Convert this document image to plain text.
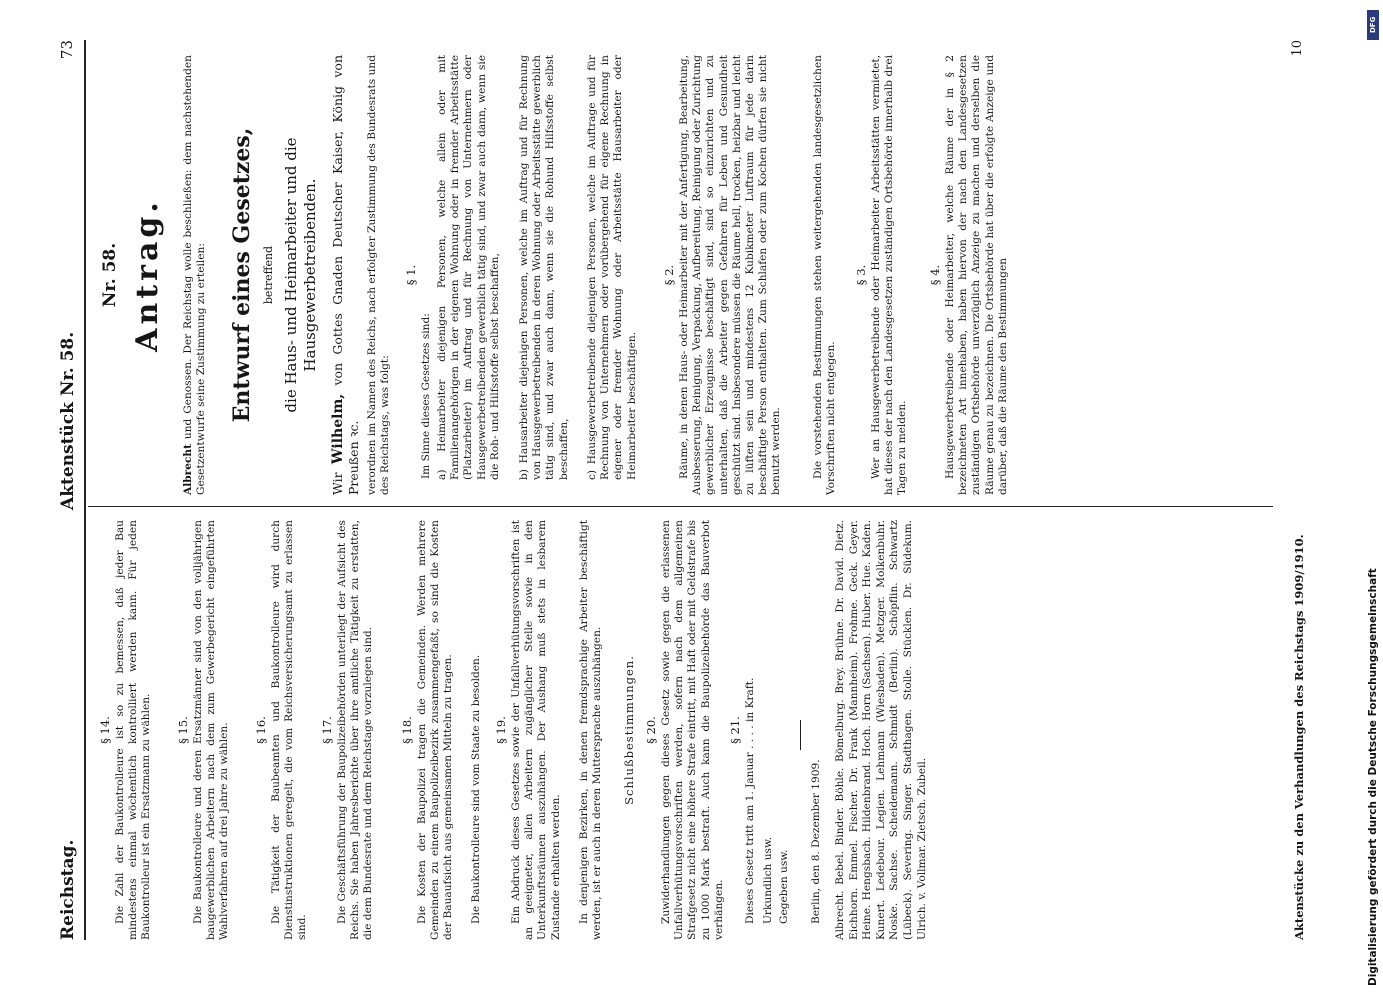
DFG
Digitalisierung gefördert durch die Deutsche Forschungsgemeinschaft
Reichstag.
Aktenstück Nr. 58.
73
§ 14. Die Zahl der Baukontrolleure ist so zu bemessen, daß jeder Bau mindestens einmal wöchentlich kontrolliert werden kann. Für jeden Baukontrolleur ist ein Ersatzmann zu wählen. § 15. Die Baukontrolleure und deren Ersatzmänner sind von den volljährigen baugewerblichen Arbeitern nach dem zum Gewerbegericht eingeführten Wahlverfahren auf drei Jahre zu wählen. § 16. Die Tätigkeit der Baubeamten und Baukontrolleure wird durch Dienstinstruktionen geregelt, die vom Reichsversicherungsamt zu erlassen sind.

§ 17. Die Geschäftsführung der Baupolizeibehörden unterliegt der Aufsicht des Reichs. Sie haben Jahresberichte über ihre amtliche Tätigkeit zu erstatten, die dem Bundesrate und dem Reichstage vorzulegen sind. § 18. Die Kosten der Baupolizei tragen die Gemeinden. Werden mehrere Gemeinden zu einem Baupolizeibezirk zusammengefaßt, so sind die Kosten der Bauaufsicht aus gemeinsamen Mitteln zu tragen. Die Baukontrolleure sind vom Staate zu besolden. § 19. Ein Abdruck dieses Gesetzes sowie der Unfallverhütungsvorschriften ist an geeigneter, allen Arbeitern zugänglicher Stelle sowie in den Unterkunftsräumen auszuhängen. Der Aushang muß stets in lesbarem Zustande erhalten werden. In denjenigen Bezirken, in denen fremdsprachige Arbeiter beschäftigt werden, ist er auch in deren Muttersprache auszuhängen. Schlußbestimmungen. § 20. Zuwiderhandlungen gegen dieses Gesetz sowie gegen die erlassenen Unfallverhütungsvorschriften werden, sofern nach dem allgemeinen Strafgesetz nicht eine höhere Strafe eintritt, mit Haft oder mit Geldstrafe bis zu 1000 Mark bestraft. Auch kann die Baupolizeibehörde das Bauverbot verhängen.

§ 21. Dieses Gesetz tritt am 1. Januar . . . . in Kraft. Urkundlich usw. Gegeben usw. Berlin, den 8. Dezember 1909. Albrecht. Bebel. Binder. Böhle. Bömelburg. Brey. Brühne. Dr. David. Dietz. Eichhorn. Emmel. Fischer. Dr. Frank (Mannheim). Frohme. Geck. Geyer. Heine. Hengsbach. Hildenbrand. Hoch. Horn (Sachsen). Huber. Hue. Kaden. Kunert. Ledebour. Legien. Lehmann (Wiesbaden). Metzger. Molkenbuhr. Noske. Sachse. Scheidemann. Schmidt (Berlin). Schöpflin. Schwartz (Lübeck). Severing. Singer. Stadthagen. Stolle. Stücklen. Dr. Südekum. Ulrich. v. Vollmar. Zietsch. Zubeil.

Nr. 58. Antrag.

Albrecht und Genossen. Der Reichstag wolle beschließen: dem nachstehenden Gesetzentwurfe seine Zustimmung zu erteilen: Entwurf eines Gesetzes, betreffend die Haus- und Heimarbeiter und die Hausgewerbetreibenden.

Wir Wilhelm, von Gottes Gnaden Deutscher Kaiser, König von Preußen ꝛc. verordnen im Namen des Reichs, nach erfolgter Zustimmung des Bundesrats und des Reichstags, was folgt:

§ 1.

Im Sinne dieses Gesetzes sind: a) Heimarbeiter diejenigen Personen, welche allein oder mit Familienangehörigen in der eigenen Wohnung oder in fremder Arbeitsstätte (Platzarbeiter) im Auftrag und für Rechnung von Unternehmern oder Hausgewerbetreibenden gewerblich tätig sind, und zwar auch dann, wenn sie die Roh- und Hilfsstoffe selbst beschaffen, b) Hausarbeiter diejenigen Personen, welche im Auftrag und für Rechnung von Hausgewerbetreibenden in deren Wohnung oder Arbeitsstätte gewerblich tätig sind, und zwar auch dann, wenn sie die Rohund Hilfsstoffe selbst beschaffen, c) Hausgewerbetreibende diejenigen Personen, welche im Auftrage und für Rechnung von Unternehmern oder vorübergehend für eigene Rechnung in eigener oder fremder Wohnung oder Arbeitsstätte Hausarbeiter oder Heimarbeiter beschäftigen.

§ 2. Räume, in denen Haus- oder Heimarbeiter mit der Anfertigung, Bearbeitung, Ausbesserung, Reinigung, Verpackung, Aufbereitung, Reinigung oder Zurichtung gewerblicher Erzeugnisse beschäftigt sind, sind so einzurichten und zu unterhalten, daß die Arbeiter gegen Gefahren für Leben und Gesundheit geschützt sind. Insbesondere müssen die Räume hell, trocken, heizbar und leicht zu lüften sein und mindestens 12 Kubikmeter Luftraum für jede darin beschäftigte Person enthalten. Zum Schlafen oder zum Kochen dürfen sie nicht benutzt werden.	Die vorstehenden Bestimmungen stehen weitergehenden landesgesetzlichen Vorschriften nicht entgegen.

§ 3. Wer an Hausgewerbetreibende oder Heimarbeiter Arbeitsstätten vermietet, hat dieses der nach den Landesgesetzen zuständigen Ortsbehörde innerhalb drei Tagen zu melden.

§ 4. Hausgewerbetreibende oder Heimarbeiter, welche Räume der in § 2 bezeichneten Art innehaben, haben hiervon der nach den Landesgesetzen zuständigen Ortsbehörde unverzüglich Anzeige zu machen und derselben die Räume genau zu bezeichnen. Die Ortsbehörde hat über die erfolgte Anzeige und darüber, daß die Räume den Bestimmungen

Aktenstücke zu den Verhandlungen des Reichstags 1909/1910.
10
